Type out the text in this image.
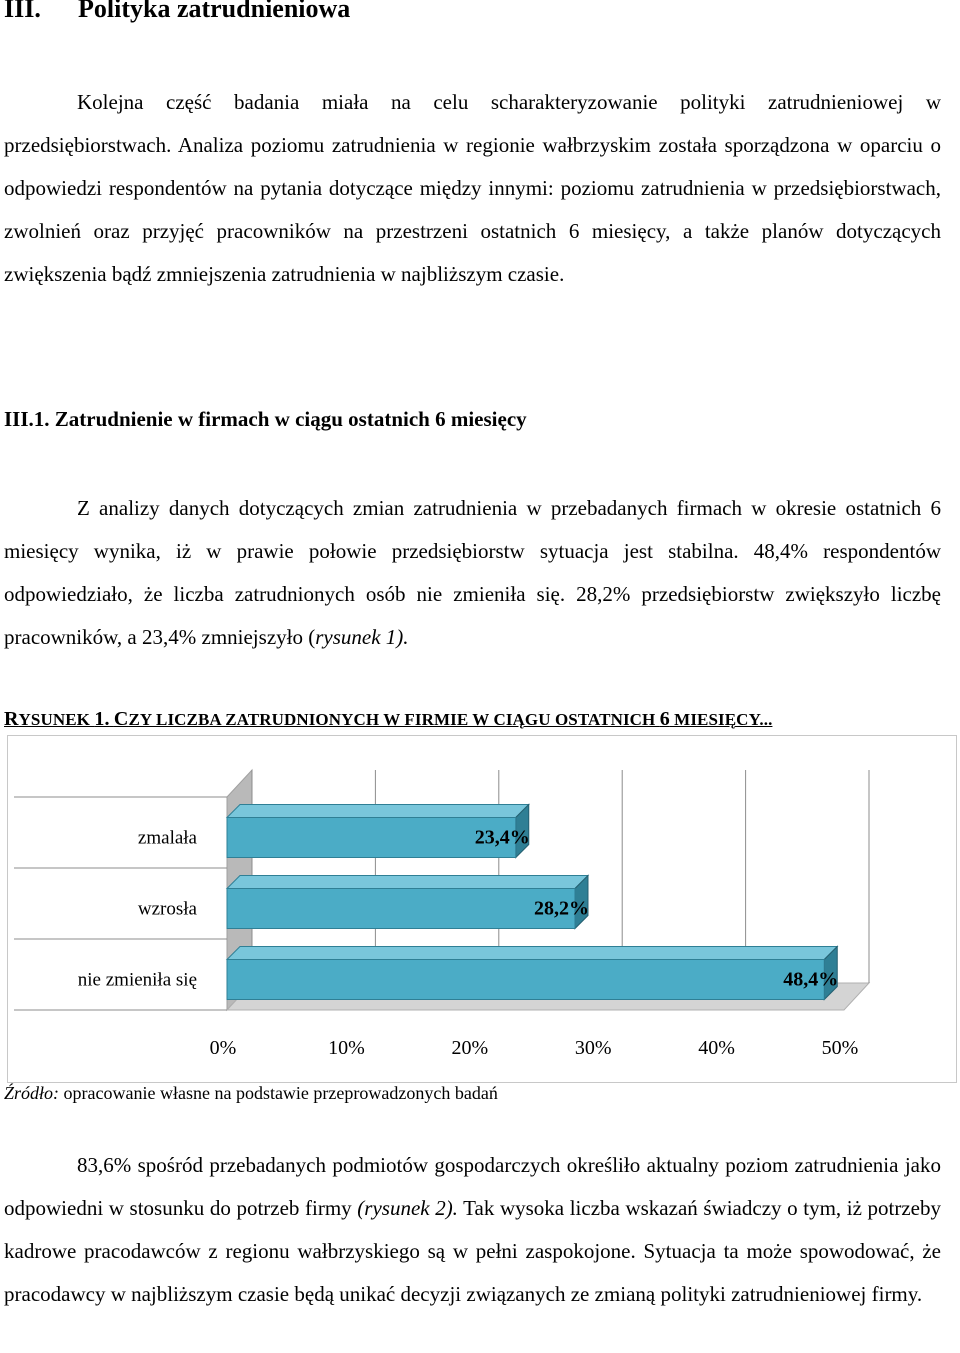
III. Polityka zatrudnieniowa

Kolejna część badania miała na celu scharakteryzowanie polityki zatrudnieniowej w przedsiębiorstwach. Analiza poziomu zatrudnienia w regionie wałbrzyskim została sporządzona w oparciu o odpowiedzi respondentów na pytania dotyczące między innymi: poziomu zatrudnienia w przedsiębiorstwach, zwolnień oraz przyjęć pracowników na przestrzeni ostatnich 6 miesięcy, a także planów dotyczących zwiększenia bądź zmniejszenia zatrudnienia w najbliższym czasie.

III.1. Zatrudnienie w firmach w ciągu ostatnich 6 miesięcy

Z analizy danych dotyczących zmian zatrudnienia w przebadanych firmach w okresie ostatnich 6 miesięcy wynika, iż w prawie połowie przedsiębiorstw sytuacja jest stabilna. 48,4% respondentów odpowiedziało, że liczba zatrudnionych osób nie zmieniła się. 28,2% przedsiębiorstw zwiększyło liczbę pracowników, a 23,4% zmniejszyło (rysunek 1).

RYSUNEK 1. CZY LICZBA ZATRUDNIONYCH W FIRMIE W CIĄGU OSTATNICH 6 MIESIĘCY...

23,4%
zmalała
28,2%
wzrosła
48,4%
nie zmieniła się
0%	10%	20%	30%	40%	50%

Źródło: opracowanie własne na podstawie przeprowadzonych badań

83,6% spośród przebadanych podmiotów gospodarczych określiło aktualny poziom zatrudnienia jako odpowiedni w stosunku do potrzeb firmy (rysunek 2). Tak wysoka liczba wskazań świadczy o tym, iż potrzeby kadrowe pracodawców z regionu wałbrzyskiego są w pełni zaspokojone. Sytuacja ta może spowodować, że pracodawcy w najbliższym czasie będą unikać decyzji związanych ze zmianą polityki zatrudnieniowej firmy.
